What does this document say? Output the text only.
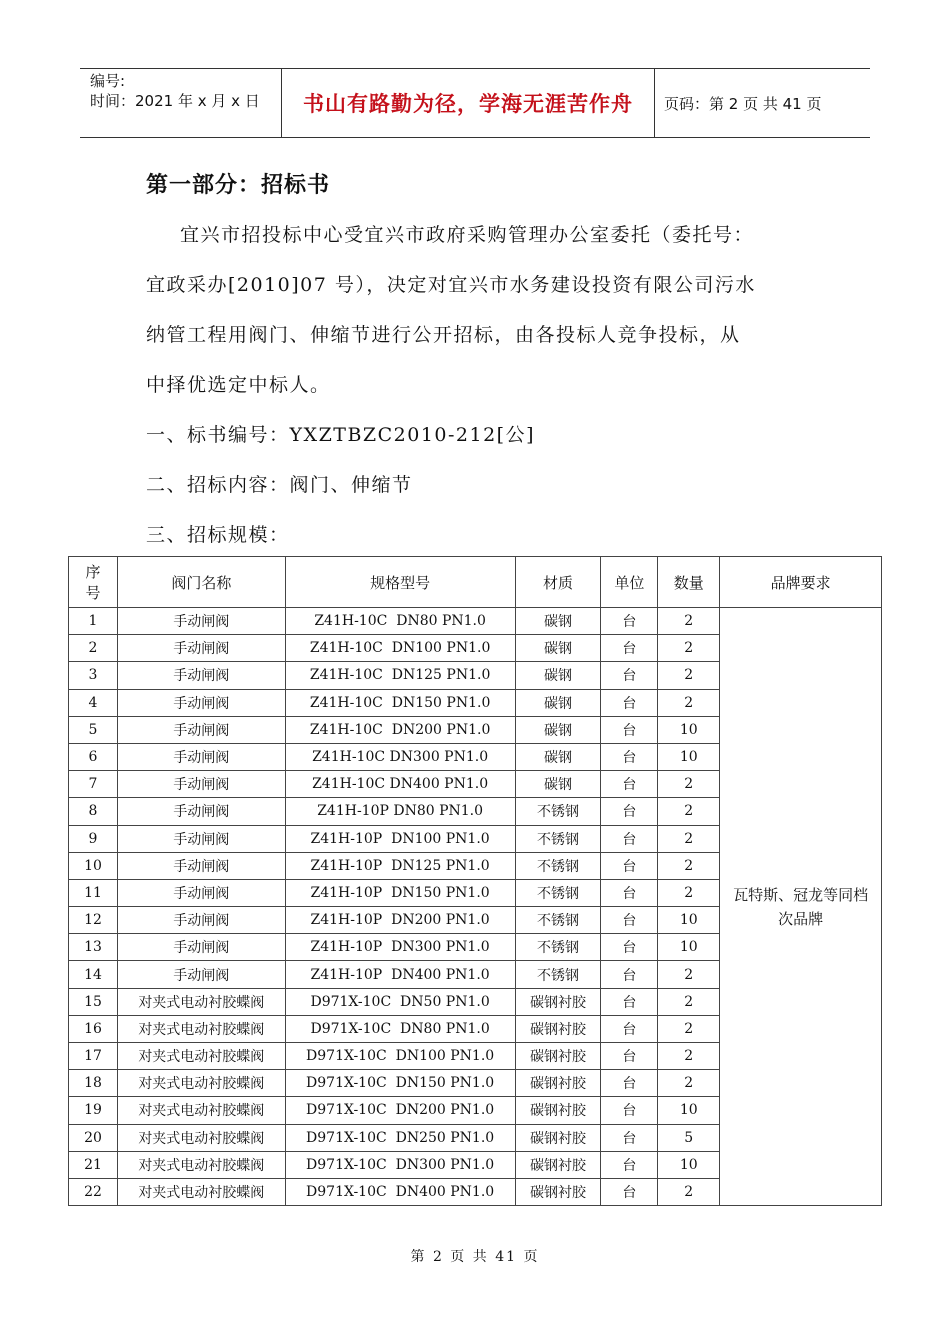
编号:
时间：2021 年 x 月 x 日	书山有路勤为径，学海无涯苦作舟	页码：第 2 页 共 41 页
第一部分：招标书
宜兴市招投标中心受宜兴市政府采购管理办公室委托（委托号：
宜政采办[2010]07 号），决定对宜兴市水务建设投资有限公司污水
纳管工程用阀门、伸缩节进行公开招标，由各投标人竞争投标，从
中择优选定中标人。
一、标书编号：YXZTBZC2010-212[公]
二、招标内容：阀门、伸缩节
三、招标规模：
序号	阀门名称	规格型号	材质	单位	数量	品牌要求
1	手动闸阀	Z41H-10C  DN80 PN1.0	碳钢	台	2	瓦特斯、冠龙等同档次品牌
2	手动闸阀	Z41H-10C  DN100 PN1.0	碳钢	台	2	
3	手动闸阀	Z41H-10C  DN125 PN1.0	碳钢	台	2	
4	手动闸阀	Z41H-10C  DN150 PN1.0	碳钢	台	2	
5	手动闸阀	Z41H-10C  DN200 PN1.0	碳钢	台	10	
6	手动闸阀	Z41H-10C DN300 PN1.0	碳钢	台	10	
7	手动闸阀	Z41H-10C DN400 PN1.0	碳钢	台	2	
8	手动闸阀	Z41H-10P DN80 PN1.0	不锈钢	台	2	
9	手动闸阀	Z41H-10P  DN100 PN1.0	不锈钢	台	2	
10	手动闸阀	Z41H-10P  DN125 PN1.0	不锈钢	台	2	
11	手动闸阀	Z41H-10P  DN150 PN1.0	不锈钢	台	2	
12	手动闸阀	Z41H-10P  DN200 PN1.0	不锈钢	台	10	
13	手动闸阀	Z41H-10P  DN300 PN1.0	不锈钢	台	10	
14	手动闸阀	Z41H-10P  DN400 PN1.0	不锈钢	台	2	
15	对夹式电动衬胶蝶阀	D971X-10C  DN50 PN1.0	碳钢衬胶	台	2	
16	对夹式电动衬胶蝶阀	D971X-10C  DN80 PN1.0	碳钢衬胶	台	2	
17	对夹式电动衬胶蝶阀	D971X-10C  DN100 PN1.0	碳钢衬胶	台	2	
18	对夹式电动衬胶蝶阀	D971X-10C  DN150 PN1.0	碳钢衬胶	台	2	
19	对夹式电动衬胶蝶阀	D971X-10C  DN200 PN1.0	碳钢衬胶	台	10	
20	对夹式电动衬胶蝶阀	D971X-10C  DN250 PN1.0	碳钢衬胶	台	5	
21	对夹式电动衬胶蝶阀	D971X-10C  DN300 PN1.0	碳钢衬胶	台	10	
22	对夹式电动衬胶蝶阀	D971X-10C  DN400 PN1.0	碳钢衬胶	台	2	
第 2 页 共 41 页
